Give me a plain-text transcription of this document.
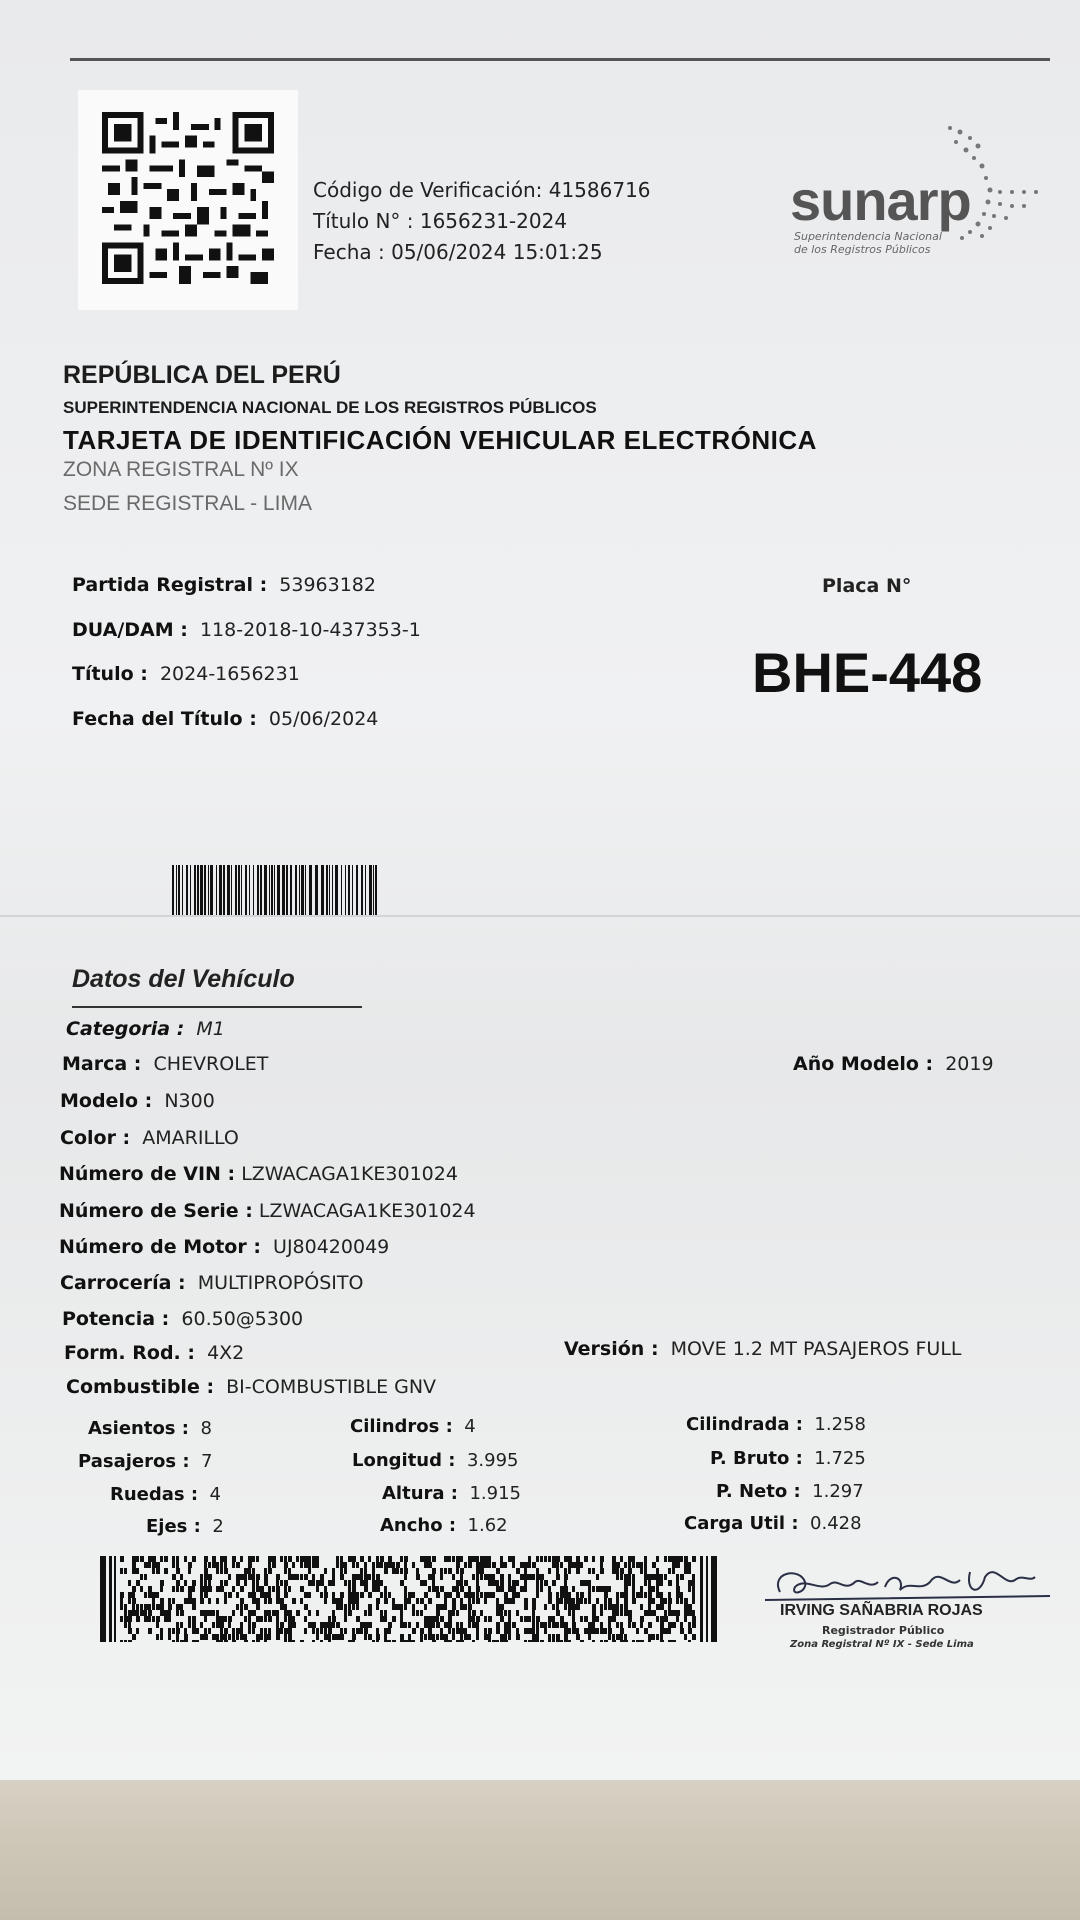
Código de Verificación: 41586716
Título N° : 1656231-2024
Fecha : 05/06/2024 15:01:25
sunarp
Superintendencia Nacional
de los Registros Públicos
REPÚBLICA DEL PERÚ
SUPERINTENDENCIA NACIONAL DE LOS REGISTROS PÚBLICOS
TARJETA DE IDENTIFICACIÓN VEHICULAR ELECTRÓNICA
ZONA REGISTRAL Nº IX
SEDE REGISTRAL - LIMA
Partida Registral : 53963182
DUA/DAM : 118-2018-10-437353-1
Título : 2024-1656231
Fecha del Título : 05/06/2024
Placa N°
BHE-448
Datos del Vehículo
Categoria : M1
Marca : CHEVROLET	Año Modelo : 2019
Modelo : N300
Color : AMARILLO
Número de VIN : LZWACAGA1KE301024
Número de Serie : LZWACAGA1KE301024
Número de Motor : UJ80420049
Carrocería : MULTIPROPÓSITO
Potencia : 60.50@5300
Form. Rod. : 4X2	Versión : MOVE 1.2 MT PASAJEROS FULL
Combustible : BI-COMBUSTIBLE GNV
Asientos : 8
Pasajeros : 7
Ruedas : 4
Ejes : 2
Cilindros : 4
Longitud : 3.995
Altura : 1.915
Ancho : 1.62
Cilindrada : 1.258
P. Bruto : 1.725
P. Neto : 1.297
Carga Util : 0.428
IRVING SAÑABRIA ROJAS
Registrador Público
Zona Registral Nº IX - Sede Lima
